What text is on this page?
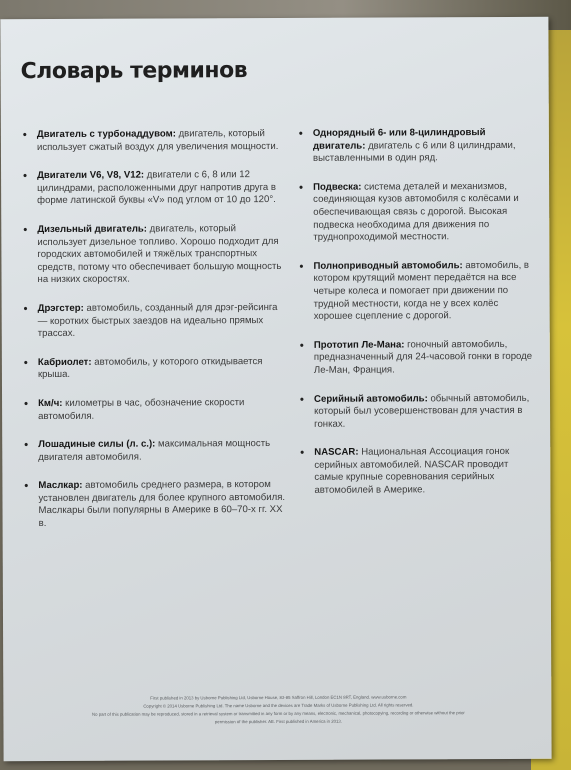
Словарь терминов
• Двигатель с турбонаддувом: двигатель, который использует сжатый воздух для увеличения мощности.
• Двигатели V6, V8, V12: двигатели с 6, 8 или 12 цилиндрами, расположенными друг напротив друга в форме латинской буквы «V» под углом от 10 до 120°.
• Дизельный двигатель: двигатель, который использует дизельное топливо. Хорошо подходит для городских автомобилей и тяжёлых транспортных средств, потому что обеспечивает большую мощность на низких скоростях.
• Дрэгстер: автомобиль, созданный для дрэг-рейсинга — коротких быстрых заездов на идеально прямых трассах.
• Кабриолет: автомобиль, у которого откидывается крыша.
• Км/ч: километры в час, обозначение скорости автомобиля.
• Лошадиные силы (л. с.): максимальная мощность двигателя автомобиля.
• Маслкар: автомобиль среднего размера, в котором установлен двигатель для более крупного автомобиля. Маслкары были популярны в Америке в 60–70-х гг. XX в.
• Однорядный 6- или 8-цилиндровый двигатель: двигатель с 6 или 8 цилиндрами, выставленными в один ряд.
• Подвеска: система деталей и механизмов, соединяющая кузов автомобиля с колёсами и обеспечивающая связь с дорогой. Высокая подвеска необходима для движения по труднопроходимой местности.
• Полноприводный автомобиль: автомобиль, в котором крутящий момент передаётся на все четыре колеса и помогает при движении по трудной местности, когда не у всех колёс хорошее сцепление с дорогой.
• Прототип Ле-Мана: гоночный автомобиль, предназначенный для 24-часовой гонки в городе Ле-Ман, Франция.
• Серийный автомобиль: обычный автомобиль, который был усовершенствован для участия в гонках.
• NASCAR: Национальная Ассоциация гонок серийных автомобилей. NASCAR проводит самые крупные соревнования серийных автомобилей в Америке.
First published in 2013 by Usborne Publishing Ltd, Usborne House, 83-85 Saffron Hill, London EC1N 8RT, England. www.usborne.com
Copyright © 2014 Usborne Publishing Ltd. The name Usborne and the devices are Trade Marks of Usborne Publishing Ltd. All rights reserved.
No part of this publication may be reproduced, stored in a retrieval system or transmitted in any form or by any means, electronic, mechanical, photocopying, recording or otherwise without the prior
permission of the publisher. AE. First published in America in 2013.
